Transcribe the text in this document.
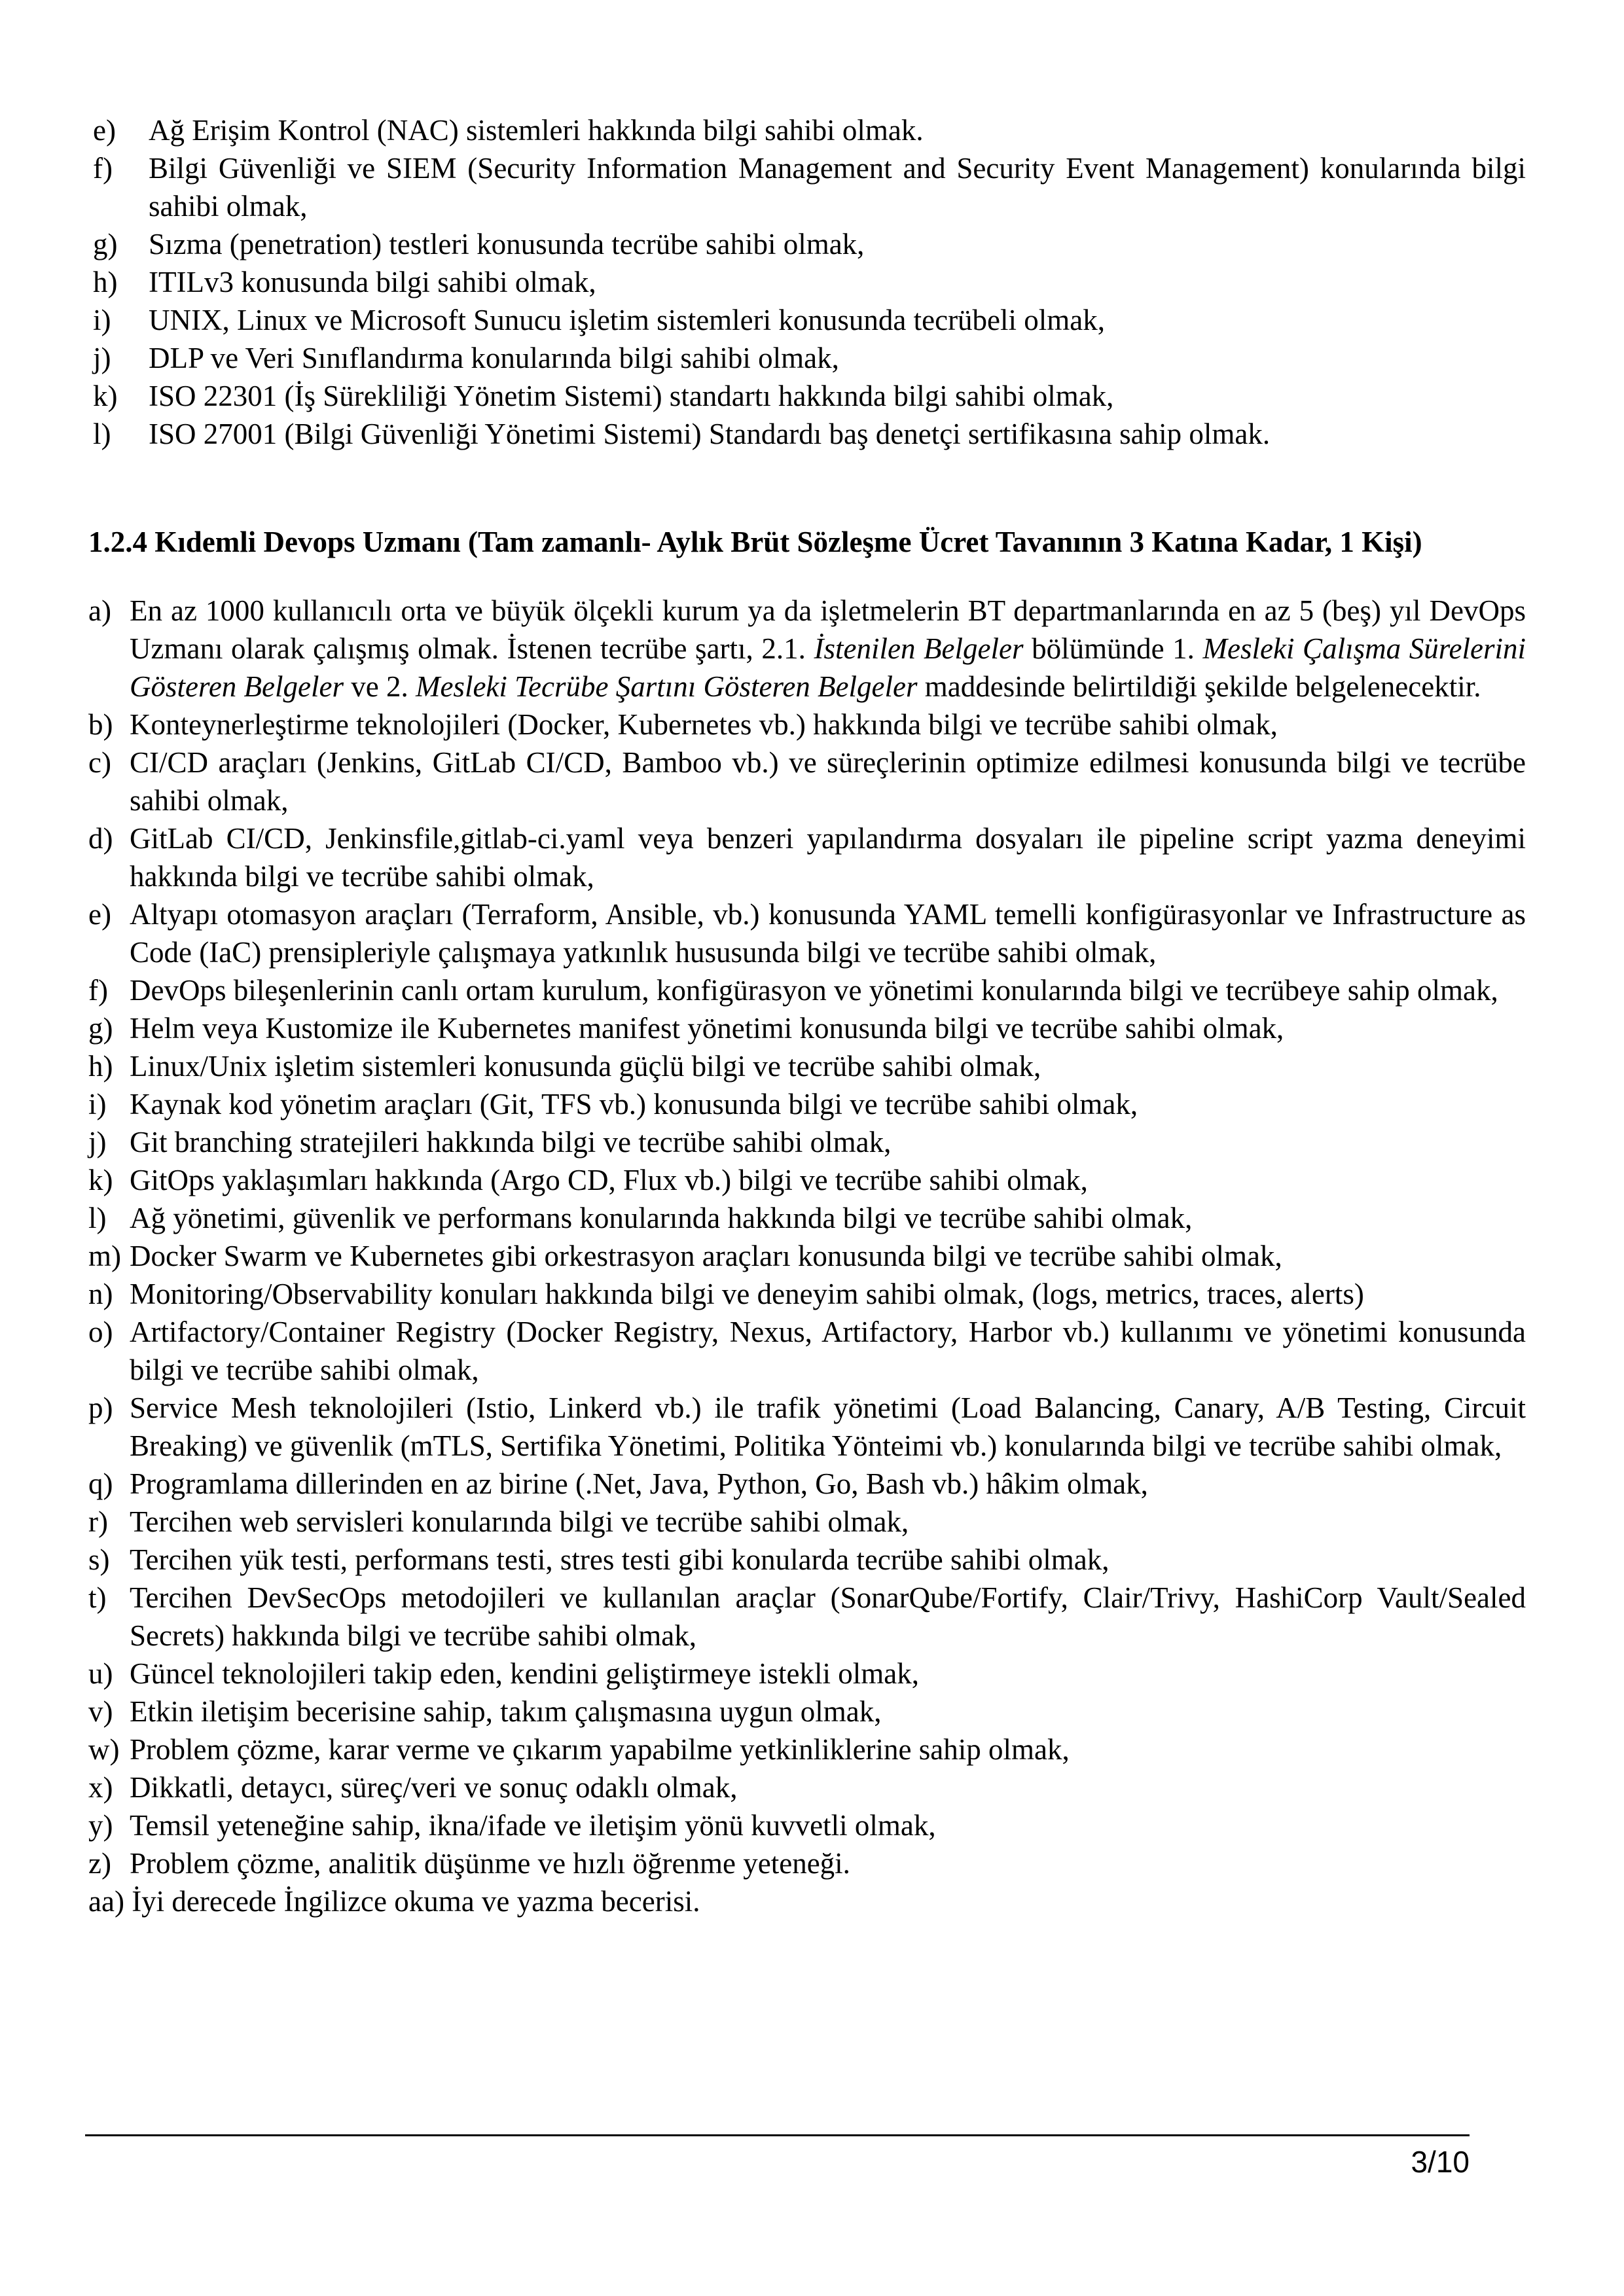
e) Ağ Erişim Kontrol (NAC) sistemleri hakkında bilgi sahibi olmak.
f) Bilgi Güvenliği ve SIEM (Security Information Management and Security Event Management) konularında bilgi sahibi olmak,
g) Sızma (penetration) testleri konusunda tecrübe sahibi olmak,
h) ITILv3 konusunda bilgi sahibi olmak,
i) UNIX, Linux ve Microsoft Sunucu işletim sistemleri konusunda tecrübeli olmak,
j) DLP ve Veri Sınıflandırma konularında bilgi sahibi olmak,
k) ISO 22301 (İş Sürekliliği Yönetim Sistemi) standartı hakkında bilgi sahibi olmak,
l) ISO 27001 (Bilgi Güvenliği Yönetimi Sistemi) Standardı baş denetçi sertifikasına sahip olmak.
1.2.4 Kıdemli Devops Uzmanı (Tam zamanlı- Aylık Brüt Sözleşme Ücret Tavanının 3 Katına Kadar, 1 Kişi)
a) En az 1000 kullanıcılı orta ve büyük ölçekli kurum ya da işletmelerin BT departmanlarında en az 5 (beş) yıl DevOps Uzmanı olarak çalışmış olmak. İstenen tecrübe şartı, 2.1. İstenilen Belgeler bölümünde 1. Mesleki Çalışma Sürelerini Gösteren Belgeler ve 2. Mesleki Tecrübe Şartını Gösteren Belgeler maddesinde belirtildiği şekilde belgelenecektir.
b) Konteynerleştirme teknolojileri (Docker, Kubernetes vb.) hakkında bilgi ve tecrübe sahibi olmak,
c) CI/CD araçları (Jenkins, GitLab CI/CD, Bamboo vb.) ve süreçlerinin optimize edilmesi konusunda bilgi ve tecrübe sahibi olmak,
d) GitLab CI/CD, Jenkinsfile,gitlab-ci.yaml veya benzeri yapılandırma dosyaları ile pipeline script yazma deneyimi hakkında bilgi ve tecrübe sahibi olmak,
e) Altyapı otomasyon araçları (Terraform, Ansible, vb.) konusunda YAML temelli konfigürasyonlar ve Infrastructure as Code (IaC) prensipleriyle çalışmaya yatkınlık hususunda bilgi ve tecrübe sahibi olmak,
f) DevOps bileşenlerinin canlı ortam kurulum, konfigürasyon ve yönetimi konularında bilgi ve tecrübeye sahip olmak,
g) Helm veya Kustomize ile Kubernetes manifest yönetimi konusunda bilgi ve tecrübe sahibi olmak,
h) Linux/Unix işletim sistemleri konusunda güçlü bilgi ve tecrübe sahibi olmak,
i) Kaynak kod yönetim araçları (Git, TFS vb.) konusunda bilgi ve tecrübe sahibi olmak,
j) Git branching stratejileri hakkında bilgi ve tecrübe sahibi olmak,
k) GitOps yaklaşımları hakkında (Argo CD, Flux vb.) bilgi ve tecrübe sahibi olmak,
l) Ağ yönetimi, güvenlik ve performans konularında hakkında bilgi ve tecrübe sahibi olmak,
m) Docker Swarm ve Kubernetes gibi orkestrasyon araçları konusunda bilgi ve tecrübe sahibi olmak,
n) Monitoring/Observability konuları hakkında bilgi ve deneyim sahibi olmak, (logs, metrics, traces, alerts)
o) Artifactory/Container Registry (Docker Registry, Nexus, Artifactory, Harbor vb.) kullanımı ve yönetimi konusunda bilgi ve tecrübe sahibi olmak,
p) Service Mesh teknolojileri (Istio, Linkerd vb.) ile trafik yönetimi (Load Balancing, Canary, A/B Testing, Circuit Breaking) ve güvenlik (mTLS, Sertifika Yönetimi, Politika Yönteimi vb.) konularında bilgi ve tecrübe sahibi olmak,
q) Programlama dillerinden en az birine (.Net, Java, Python, Go, Bash vb.) hâkim olmak,
r) Tercihen web servisleri konularında bilgi ve tecrübe sahibi olmak,
s) Tercihen yük testi, performans testi, stres testi gibi konularda tecrübe sahibi olmak,
t) Tercihen DevSecOps metodojileri ve kullanılan araçlar (SonarQube/Fortify, Clair/Trivy, HashiCorp Vault/Sealed Secrets) hakkında bilgi ve tecrübe sahibi olmak,
u) Güncel teknolojileri takip eden, kendini geliştirmeye istekli olmak,
v) Etkin iletişim becerisine sahip, takım çalışmasına uygun olmak,
w) Problem çözme, karar verme ve çıkarım yapabilme yetkinliklerine sahip olmak,
x) Dikkatli, detaycı, süreç/veri ve sonuç odaklı olmak,
y) Temsil yeteneğine sahip, ikna/ifade ve iletişim yönü kuvvetli olmak,
z) Problem çözme, analitik düşünme ve hızlı öğrenme yeteneği.
aa) İyi derecede İngilizce okuma ve yazma becerisi.
3/10
